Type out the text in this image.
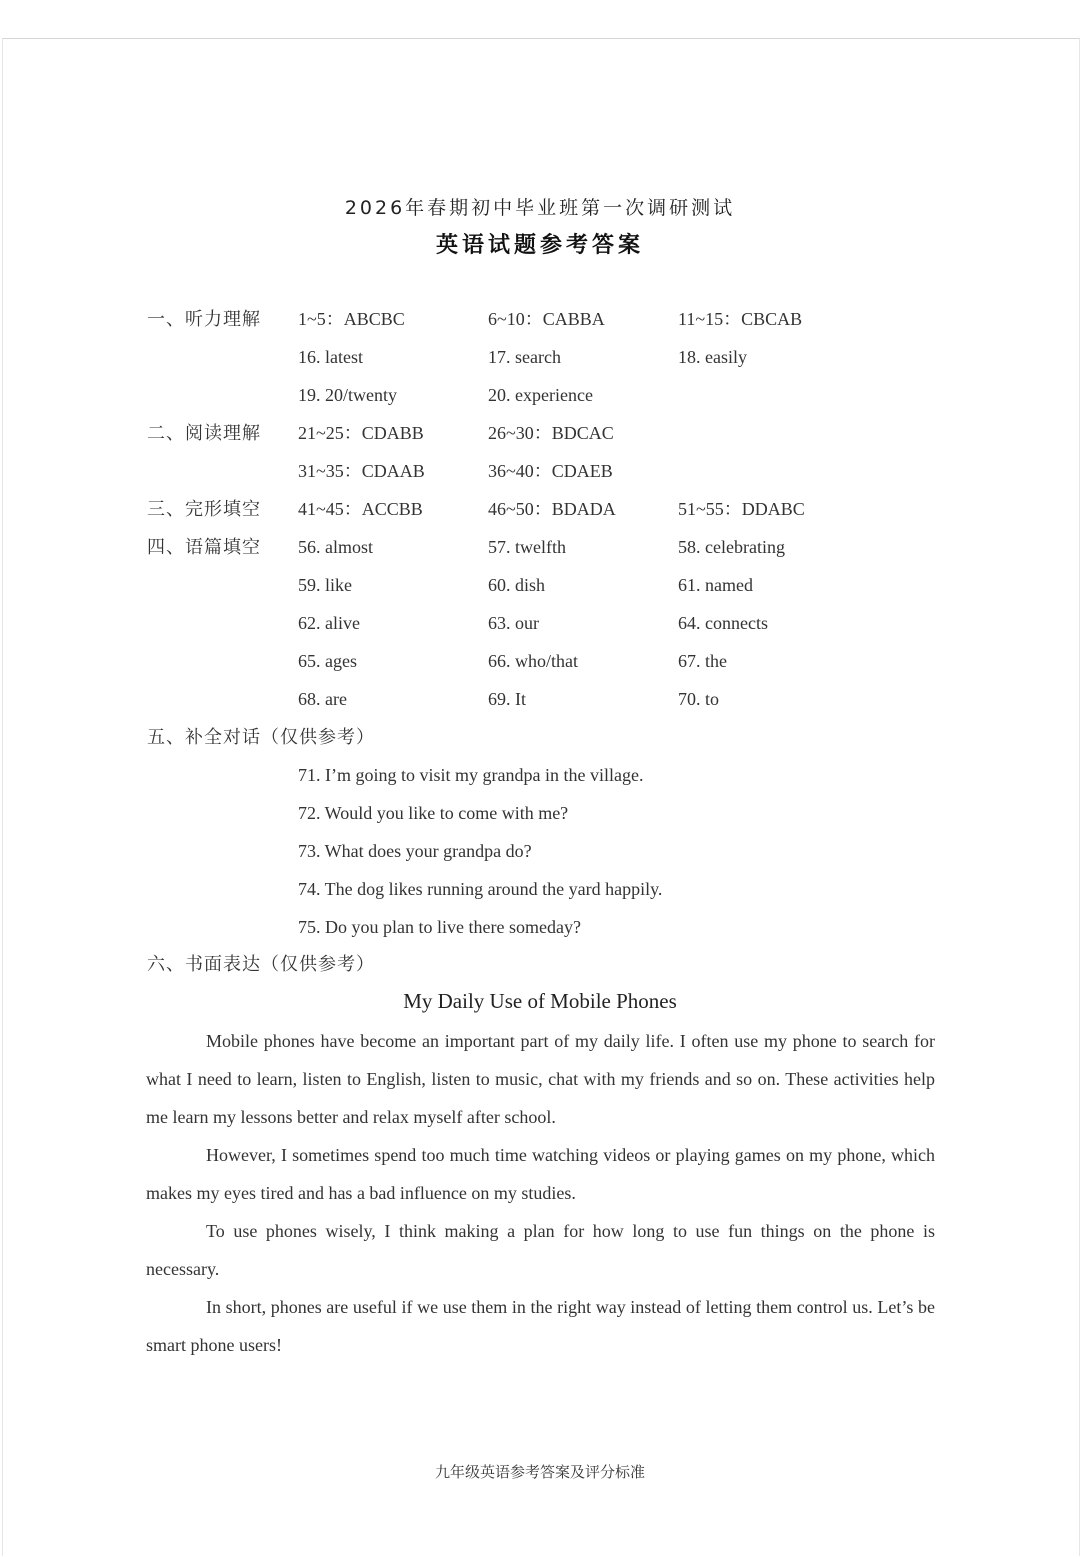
2026年春期初中毕业班第一次调研测试
英语试题参考答案
一、听力理解 1~5：ABCBC	6~10：CABBA	11~15：CBCAB
16. latest	17. search	18. easily
19. 20/twenty	20. experience
二、阅读理解 21~25：CDABB	26~30：BDCAC
31~35：CDAAB	36~40：CDAEB
三、完形填空 41~45：ACCBB	46~50：BDADA	51~55：DDABC
四、语篇填空 56. almost	57. twelfth	58. celebrating
59. like	60. dish	61. named
62. alive	63. our	64. connects
65. ages	66. who/that	67. the
68. are	69. It	70. to
五、补全对话（仅供参考）
71. I’m going to visit my grandpa in the village.
72. Would you like to come with me?
73. What does your grandpa do?
74. The dog likes running around the yard happily.
75. Do you plan to live there someday?
六、书面表达（仅供参考）
My Daily Use of Mobile Phones

Mobile phones have become an important part of my daily life. I often use my phone to search for what I need to learn, listen to English, listen to music, chat with my friends and so on. These activities help me learn my lessons better and relax myself after school.

However, I sometimes spend too much time watching videos or playing games on my phone, which makes my eyes tired and has a bad influence on my studies.

To use phones wisely, I think making a plan for how long to use fun things on the phone is necessary.

In short, phones are useful if we use them in the right way instead of letting them control us. Let’s be smart phone users!

九年级英语参考答案及评分标准
